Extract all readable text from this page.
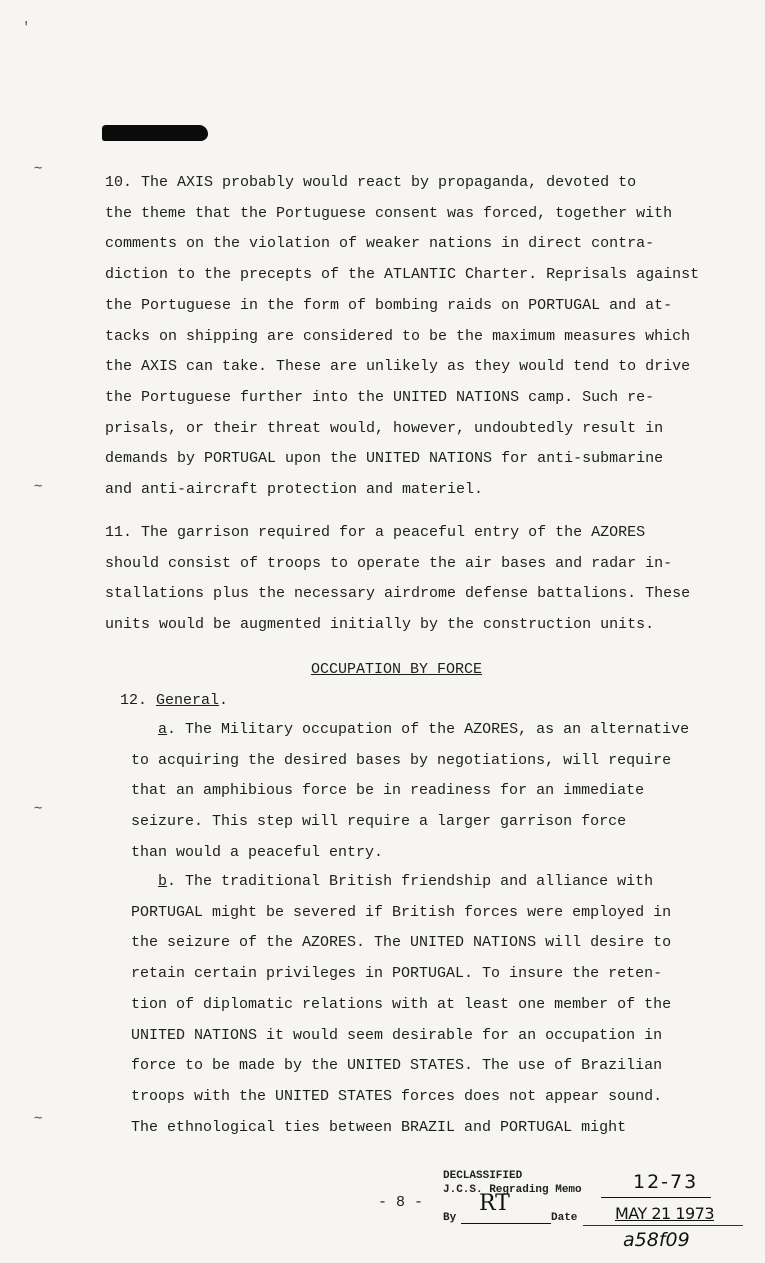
'
∼
∼
∼
∼
10. The AXIS probably would react by propaganda, devoted to
the theme that the Portuguese consent was forced, together with
comments on the violation of weaker nations in direct contra-
diction to the precepts of the ATLANTIC Charter. Reprisals against
the Portuguese in the form of bombing raids on PORTUGAL and at-
tacks on shipping are considered to be the maximum measures which
the AXIS can take. These are unlikely as they would tend to drive
the Portuguese further into the UNITED NATIONS camp. Such re-
prisals, or their threat would, however, undoubtedly result in
demands by PORTUGAL upon the UNITED NATIONS for anti-submarine
and anti-aircraft protection and materiel.
11. The garrison required for a peaceful entry of the AZORES
should consist of troops to operate the air bases and radar in-
stallations plus the necessary airdrome defense battalions. These
units would be augmented initially by the construction units.
OCCUPATION BY FORCE
12. General.
a. The Military occupation of the AZORES, as an alternative
to acquiring the desired bases by negotiations, will require
that an amphibious force be in readiness for an immediate
seizure. This step will require a larger garrison force
than would a peaceful entry.
b. The traditional British friendship and alliance with
PORTUGAL might be severed if British forces were employed in
the seizure of the AZORES. The UNITED NATIONS will desire to
retain certain privileges in PORTUGAL. To insure the reten-
tion of diplomatic relations with at least one member of the
UNITED NATIONS it would seem desirable for an occupation in
force to be made by the UNITED STATES. The use of Brazilian
troops with the UNITED STATES forces does not appear sound.
The ethnological ties between BRAZIL and PORTUGAL might
- 8 -
DECLASSIFIED
J.C.S. Regrading Memo	12-73
By
RT
Date MAY 21 1973
a58f09
